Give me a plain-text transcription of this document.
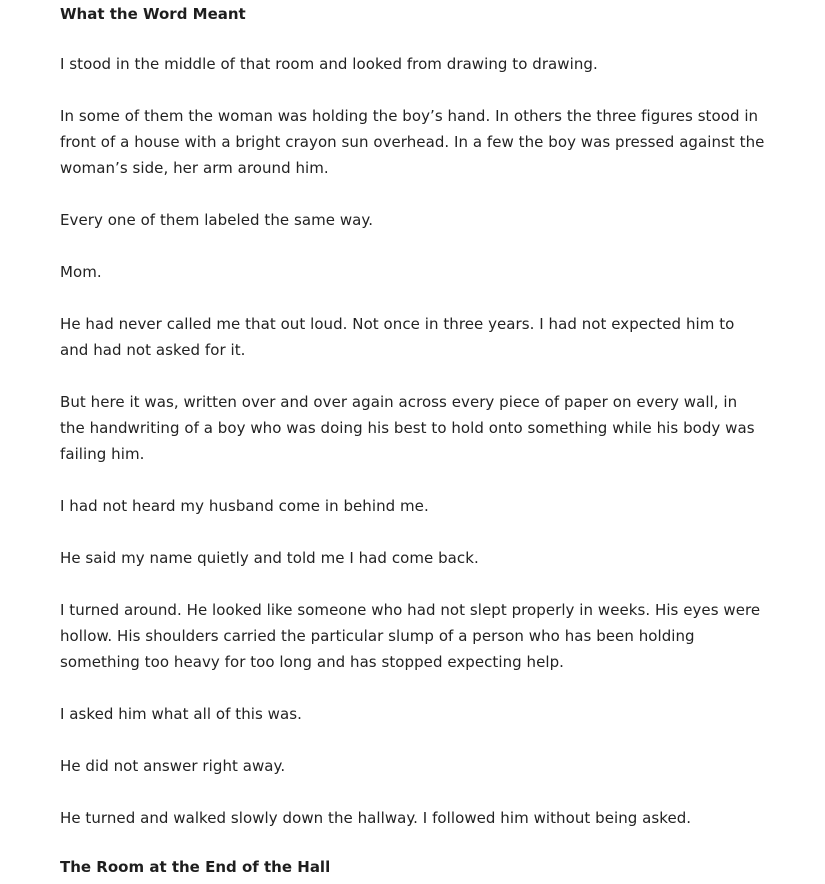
What the Word Meant

I stood in the middle of that room and looked from drawing to drawing.

In some of them the woman was holding the boy’s hand. In others the three figures stood in front of a house with a bright crayon sun overhead. In a few the boy was pressed against the woman’s side, her arm around him.

Every one of them labeled the same way.

Mom.

He had never called me that out loud. Not once in three years. I had not expected him to and had not asked for it.

But here it was, written over and over again across every piece of paper on every wall, in the handwriting of a boy who was doing his best to hold onto something while his body was failing him.

I had not heard my husband come in behind me.

He said my name quietly and told me I had come back.

I turned around. He looked like someone who had not slept properly in weeks. His eyes were hollow. His shoulders carried the particular slump of a person who has been holding something too heavy for too long and has stopped expecting help.

I asked him what all of this was.

He did not answer right away.

He turned and walked slowly down the hallway. I followed him without being asked.

The Room at the End of the Hall
